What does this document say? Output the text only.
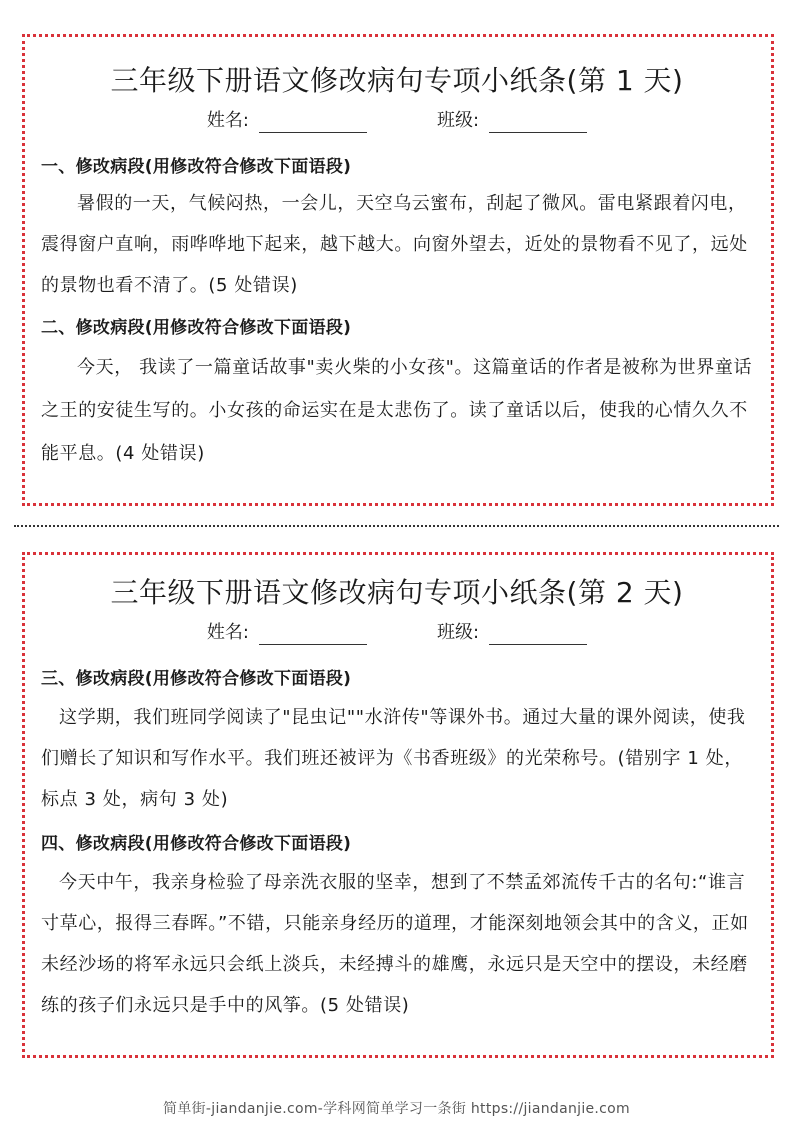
三年级下册语文修改病句专项小纸条(第 1 天)
姓名:	班级:

一、修改病段(用修改符合修改下面语段)

暑假的一天，气候闷热，一会儿，天空乌云蜜布，刮起了微风。雷电紧跟着闪电，震得窗户直响，雨哗哗地下起来，越下越大。向窗外望去，近处的景物看不见了，远处的景物也看不清了。(5 处错误)

二、修改病段(用修改符合修改下面语段)

今天， 我读了一篇童话故事"卖火柴的小女孩"。这篇童话的作者是被称为世界童话之王的安徒生写的。小女孩的命运实在是太悲伤了。读了童话以后，使我的心情久久不能平息。(4 处错误)

三年级下册语文修改病句专项小纸条(第 2 天)
姓名:	班级:

三、修改病段(用修改符合修改下面语段)

这学期，我们班同学阅读了"昆虫记""水浒传"等课外书。通过大量的课外阅读，使我们赠长了知识和写作水平。我们班还被评为《书香班级》的光荣称号。(错别字 1 处，标点 3 处，病句 3 处)

四、修改病段(用修改符合修改下面语段)

今天中午，我亲身检验了母亲洗衣服的坚幸，想到了不禁孟郊流传千古的名句:“谁言寸草心，报得三春晖。”不错，只能亲身经历的道理，才能深刻地领会其中的含义，正如未经沙场的将军永远只会纸上淡兵，未经搏斗的雄鹰，永远只是天空中的摆设，未经磨练的孩子们永远只是手中的风筝。(5 处错误)

简单街-jiandanjie.com-学科网简单学习一条街 https://jiandanjie.com
